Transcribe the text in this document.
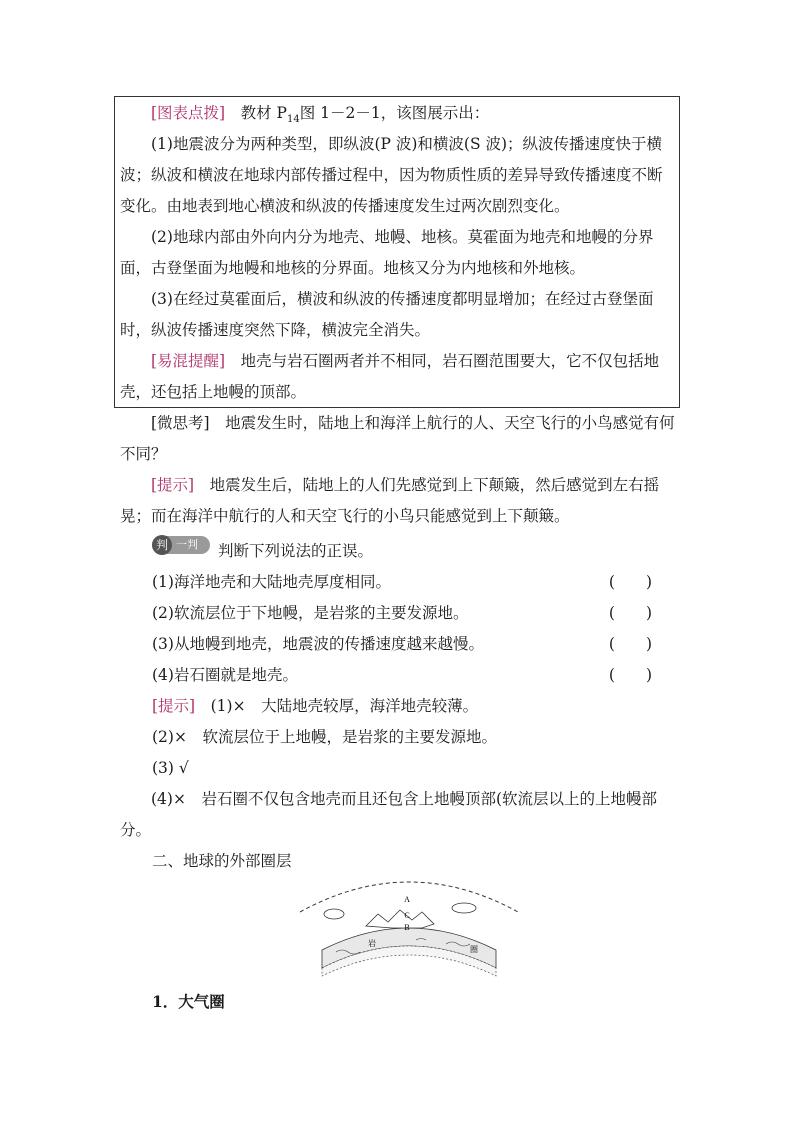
[图表点拨]　 教材 $P_{14}$图 1－2－1，该图展示出：

(1)地震波分为两种类型，即纵波(P 波)和横波(S 波)；纵波传播速度快于横波；纵波和横波在地球内部传播过程中，因为物质性质的差异导致传播速度不断变化。由地表到地心横波和纵波的传播速度发生过两次剧烈变化。

(2)地球内部由外向内分为地壳、地幔、地核。莫霍面为地壳和地幔的分界面，古登堡面为地幔和地核的分界面。地核又分为内地核和外地核。

(3)在经过莫霍面后，横波和纵波的传播速度都明显增加；在经过古登堡面时，纵波传播速度突然下降，横波完全消失。

[易混提醒]　 地壳与岩石圈两者并不相同，岩石圈范围要大，它不仅包括地壳，还包括上地幔的顶部。

[微思考]　 地震发生时，陆地上和海洋上航行的人、天空飞行的小鸟感觉有何不同？

[提示]　 地震发生后，陆地上的人们先感觉到上下颠簸，然后感觉到左右摇晃；而在海洋中航行的人和天空飞行的小鸟只能感觉到上下颠簸。

判 一判 判断下列说法的正误。
(1)海洋地壳和大陆地壳厚度相同。	(　　)
(2)软流层位于下地幔，是岩浆的主要发源地。	(　　)
(3)从地幔到地壳，地震波的传播速度越来越慢。	(　　)
(4)岩石圈就是地壳。	(　　)
[提示]　 (1)×　大陆地壳较厚，海洋地壳较薄。
(2)×　软流层位于上地幔，是岩浆的主要发源地。
(3) √

(4)×　岩石圈不仅包含地壳而且还包含上地幔顶部(软流层以上的上地幔部分。

二、地球的外部圈层
A
C
B
岩
圈
1．大气圈
